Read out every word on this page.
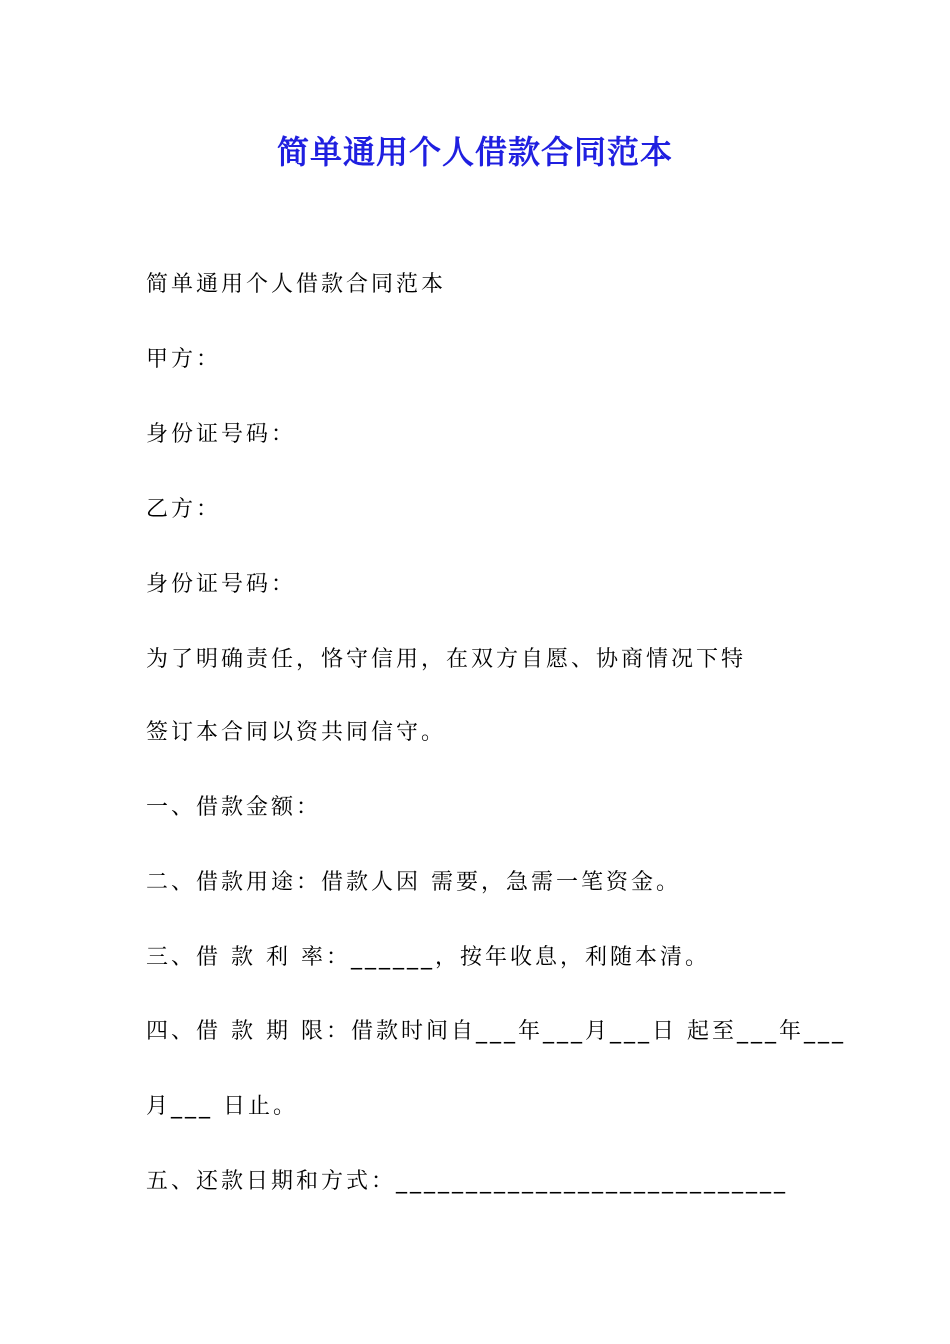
简单通用个人借款合同范本
简单通用个人借款合同范本
甲方：
身份证号码：
乙方：
身份证号码：
为了明确责任，恪守信用，在双方自愿、协商情况下特
签订本合同以资共同信守。
一、借款金额：
二、借款用途：借款人因 需要，急需一笔资金。
三、借 款 利 率：______，按年收息，利随本清。
四、借 款 期 限：借款时间自___年___月___日 起至___年___
月___ 日止。
五、还款日期和方式：____________________________
